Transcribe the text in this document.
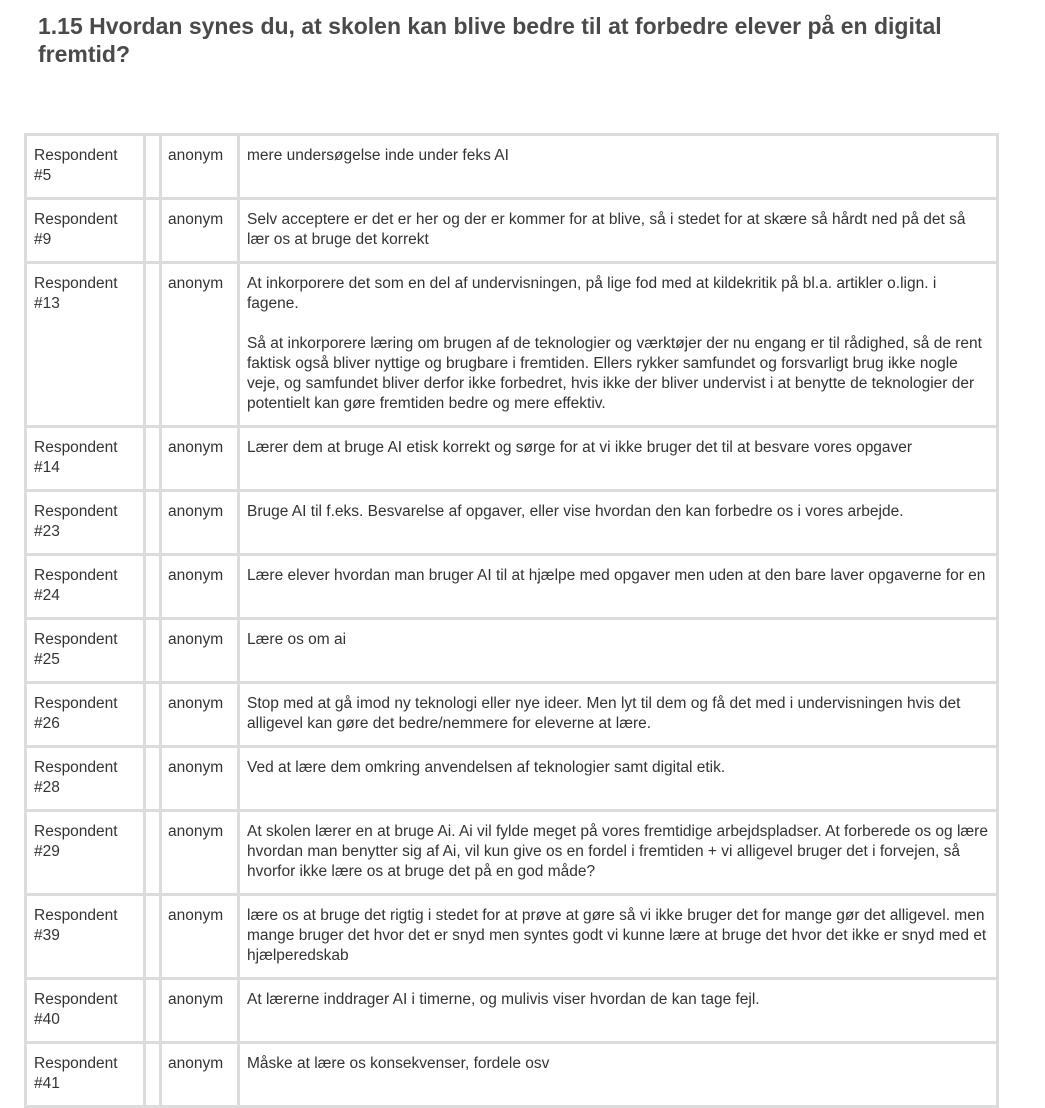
1.15 Hvordan synes du, at skolen kan blive bedre til at forbedre elever på en digital fremtid?
Respondent #5		anonym	mere undersøgelse inde under feks AI

Respondent #9		anonym	Selv acceptere er det er her og der er kommer for at blive, så i stedet for at skære så hårdt ned på det så lær os at bruge det korrekt

Respondent #13		anonym	At inkorporere det som en del af undervisningen, på lige fod med at kildekritik på bl.a. artikler o.lign. i fagene.
Så at inkorporere læring om brugen af de teknologier og værktøjer der nu engang er til rådighed, så de rent faktisk også bliver nyttige og brugbare i fremtiden. Ellers rykker samfundet og forsvarligt brug ikke nogle veje, og samfundet bliver derfor ikke forbedret, hvis ikke der bliver undervist i at benytte de teknologier der potentielt kan gøre fremtiden bedre og mere effektiv.

Respondent #14		anonym	Lærer dem at bruge AI etisk korrekt og sørge for at vi ikke bruger det til at besvare vores opgaver

Respondent #23		anonym	Bruge AI til f.eks. Besvarelse af opgaver, eller vise hvordan den kan forbedre os i vores arbejde.

Respondent #24		anonym	Lære elever hvordan man bruger AI til at hjælpe med opgaver men uden at den bare laver opgaverne for en

Respondent #25		anonym	Lære os om ai

Respondent #26		anonym	Stop med at gå imod ny teknologi eller nye ideer. Men lyt til dem og få det med i undervisningen hvis det alligevel kan gøre det bedre/nemmere for eleverne at lære.

Respondent #28		anonym	Ved at lære dem omkring anvendelsen af teknologier samt digital etik.

Respondent #29		anonym	At skolen lærer en at bruge Ai. Ai vil fylde meget på vores fremtidige arbejdspladser. At forberede os og lære hvordan man benytter sig af Ai, vil kun give os en fordel i fremtiden + vi alligevel bruger det i forvejen, så hvorfor ikke lære os at bruge det på en god måde?

Respondent #39		anonym	lære os at bruge det rigtig i stedet for at prøve at gøre så vi ikke bruger det for mange gør det alligevel. men mange bruger det hvor det er snyd men syntes godt vi kunne lære at bruge det hvor det ikke er snyd med et hjælperedskab

Respondent #40		anonym	At lærerne inddrager AI i timerne, og mulivis viser hvordan de kan tage fejl.

Respondent #41		anonym	Måske at lære os konsekvenser, fordele osv
